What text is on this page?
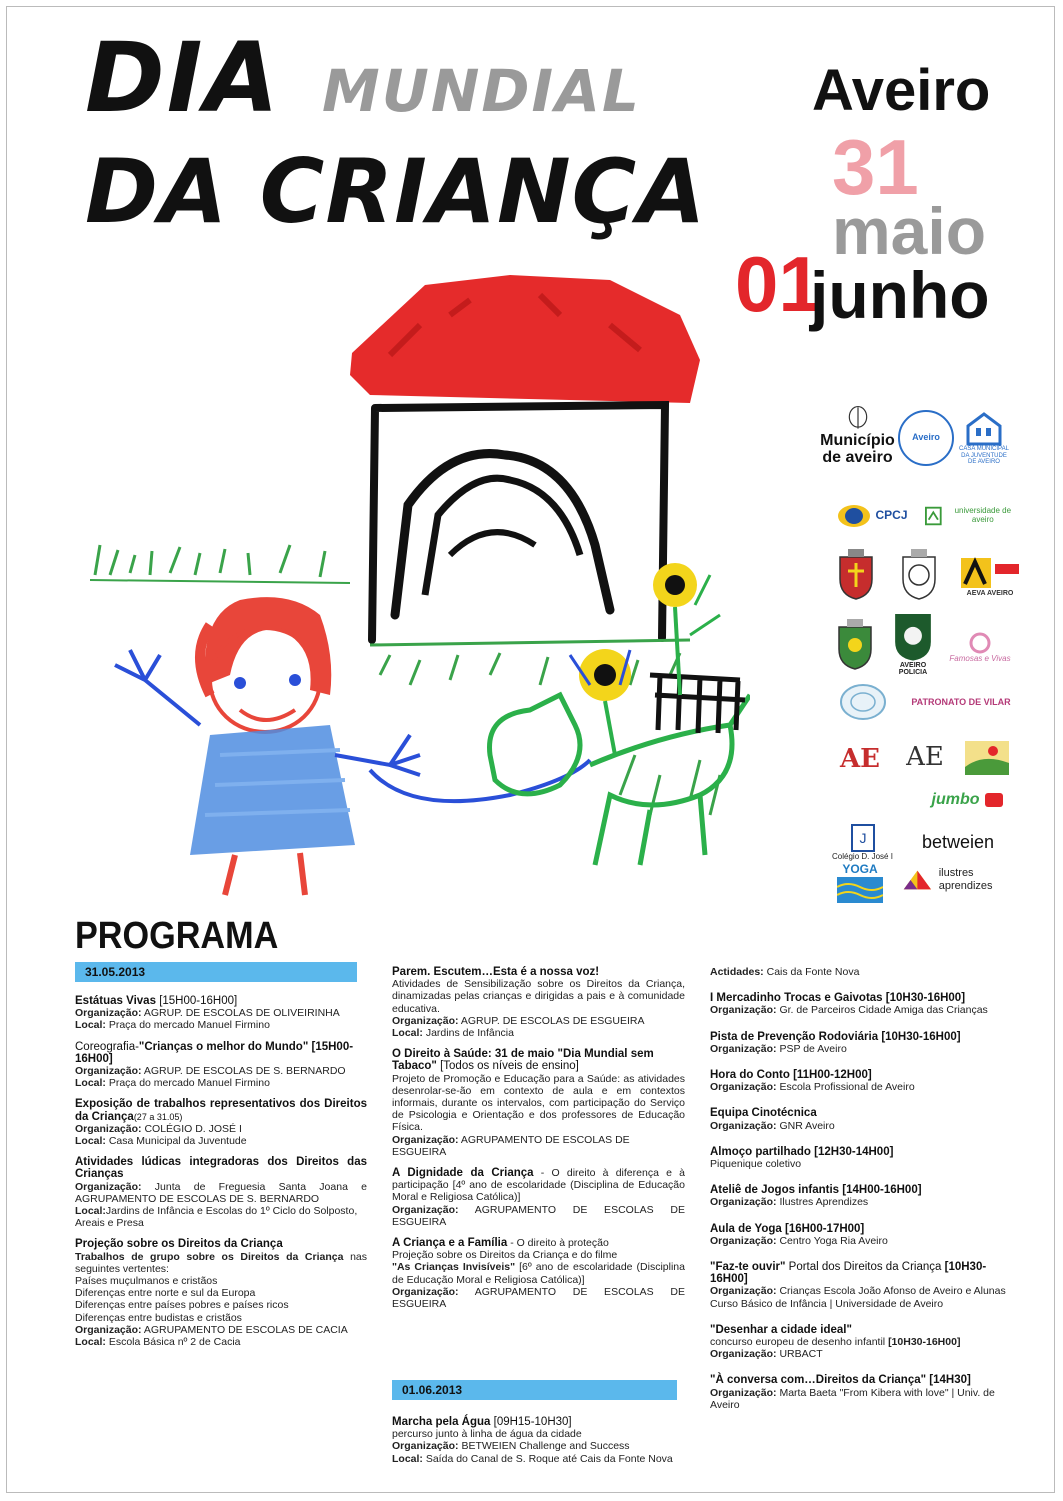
DIA MUNDIAL
DA CRIANÇA
Aveiro
31
maio
01
junho
Município de aveiro
Aveiro
CASA MUNICIPAL DA JUVENTUDE DE AVEIRO
CPCJ	universidade de aveiro
AEVA AVEIRO
AVEIRO POLICIA
Famosas e Vivas
PATRONATO DE VILAR
AE AE
jumbo
J
Colégio D. José I
betweien
YOGA	ilustres aprendizes
PROGRAMA
31.05.2013
Estátuas Vivas [15H00-16H00]
Organização: AGRUP. DE ESCOLAS DE OLIVEIRINHA
Local: Praça do mercado Manuel Firmino
Coreografia-"Crianças o melhor do Mundo" [15H00-16H00]
Organização: AGRUP. DE ESCOLAS DE S. BERNARDO
Local: Praça do mercado Manuel Firmino
Exposição de trabalhos representativos dos Direitos da Criança(27 a 31.05)
Organização: COLÉGIO D. JOSÉ I
Local: Casa Municipal da Juventude
Atividades lúdicas integradoras dos Direitos das Crianças
Organização: Junta de Freguesia Santa Joana e AGRUPAMENTO DE ESCOLAS DE S. BERNARDO
Local:Jardins de Infância e Escolas do 1º Ciclo do Solposto, Areais e Presa
Projeção sobre os Direitos da Criança
Trabalhos de grupo sobre os Direitos da Criança nas seguintes vertentes:
Países muçulmanos e cristãos
Diferenças entre norte e sul da Europa
Diferenças entre países pobres e países ricos
Diferenças entre budistas e cristãos
Organização: AGRUPAMENTO DE ESCOLAS DE CACIA
Local: Escola Básica nº 2 de Cacia
Parem. Escutem…Esta é a nossa voz!
Atividades de Sensibilização sobre os Direitos da Criança, dinamizadas pelas crianças e dirigidas a pais e à comunidade educativa.
Organização: AGRUP. DE ESCOLAS DE ESGUEIRA
Local: Jardins de Infância
O Direito à Saúde: 31 de maio "Dia Mundial sem Tabaco" [Todos os níveis de ensino]
Projeto de Promoção e Educação para a Saúde: as atividades desenrolar-se-ão em contexto de aula e em contextos informais, durante os intervalos, com participação do Serviço de Psicologia e Orientação e dos professores de Educação Física.
Organização: AGRUPAMENTO DE ESCOLAS DE ESGUEIRA
A Dignidade da Criança - O direito à diferença e à participação [4º ano de escolaridade (Disciplina de Educação Moral e Religiosa Católica)]
Organização: AGRUPAMENTO DE ESCOLAS DE ESGUEIRA
A Criança e a Família - O direito à proteção
Projeção sobre os Direitos da Criança e do filme
"As Crianças Invisíveis" [6º ano de escolaridade (Disciplina de Educação Moral e Religiosa Católica)]
Organização: AGRUPAMENTO DE ESCOLAS DE ESGUEIRA
01.06.2013
Marcha pela Água [09H15-10H30]
percurso junto à linha de água da cidade
Organização: BETWEIEN Challenge and Success
Local: Saída do Canal de S. Roque até Cais da Fonte Nova
Actidades: Cais da Fonte Nova
I Mercadinho Trocas e Gaivotas [10H30-16H00]
Organização: Gr. de Parceiros Cidade Amiga das Crianças
Pista de Prevenção Rodoviária [10H30-16H00]
Organização: PSP de Aveiro
Hora do Conto [11H00-12H00]
Organização: Escola Profissional de Aveiro
Equipa Cinotécnica
Organização: GNR Aveiro
Almoço partilhado [12H30-14H00]
Piquenique coletivo
Ateliê de Jogos infantis [14H00-16H00]
Organização: Ilustres Aprendizes
Aula de Yoga [16H00-17H00]
Organização: Centro Yoga Ria Aveiro
"Faz-te ouvir" Portal dos Direitos da Criança [10H30-16H00]
Organização: Crianças Escola João Afonso de Aveiro e Alunas Curso Básico de Infância | Universidade de Aveiro
"Desenhar a cidade ideal"
concurso europeu de desenho infantil [10H30-16H00]
Organização: URBACT
"À conversa com…Direitos da Criança" [14H30]
Organização: Marta Baeta "From Kibera with love" | Univ. de Aveiro
